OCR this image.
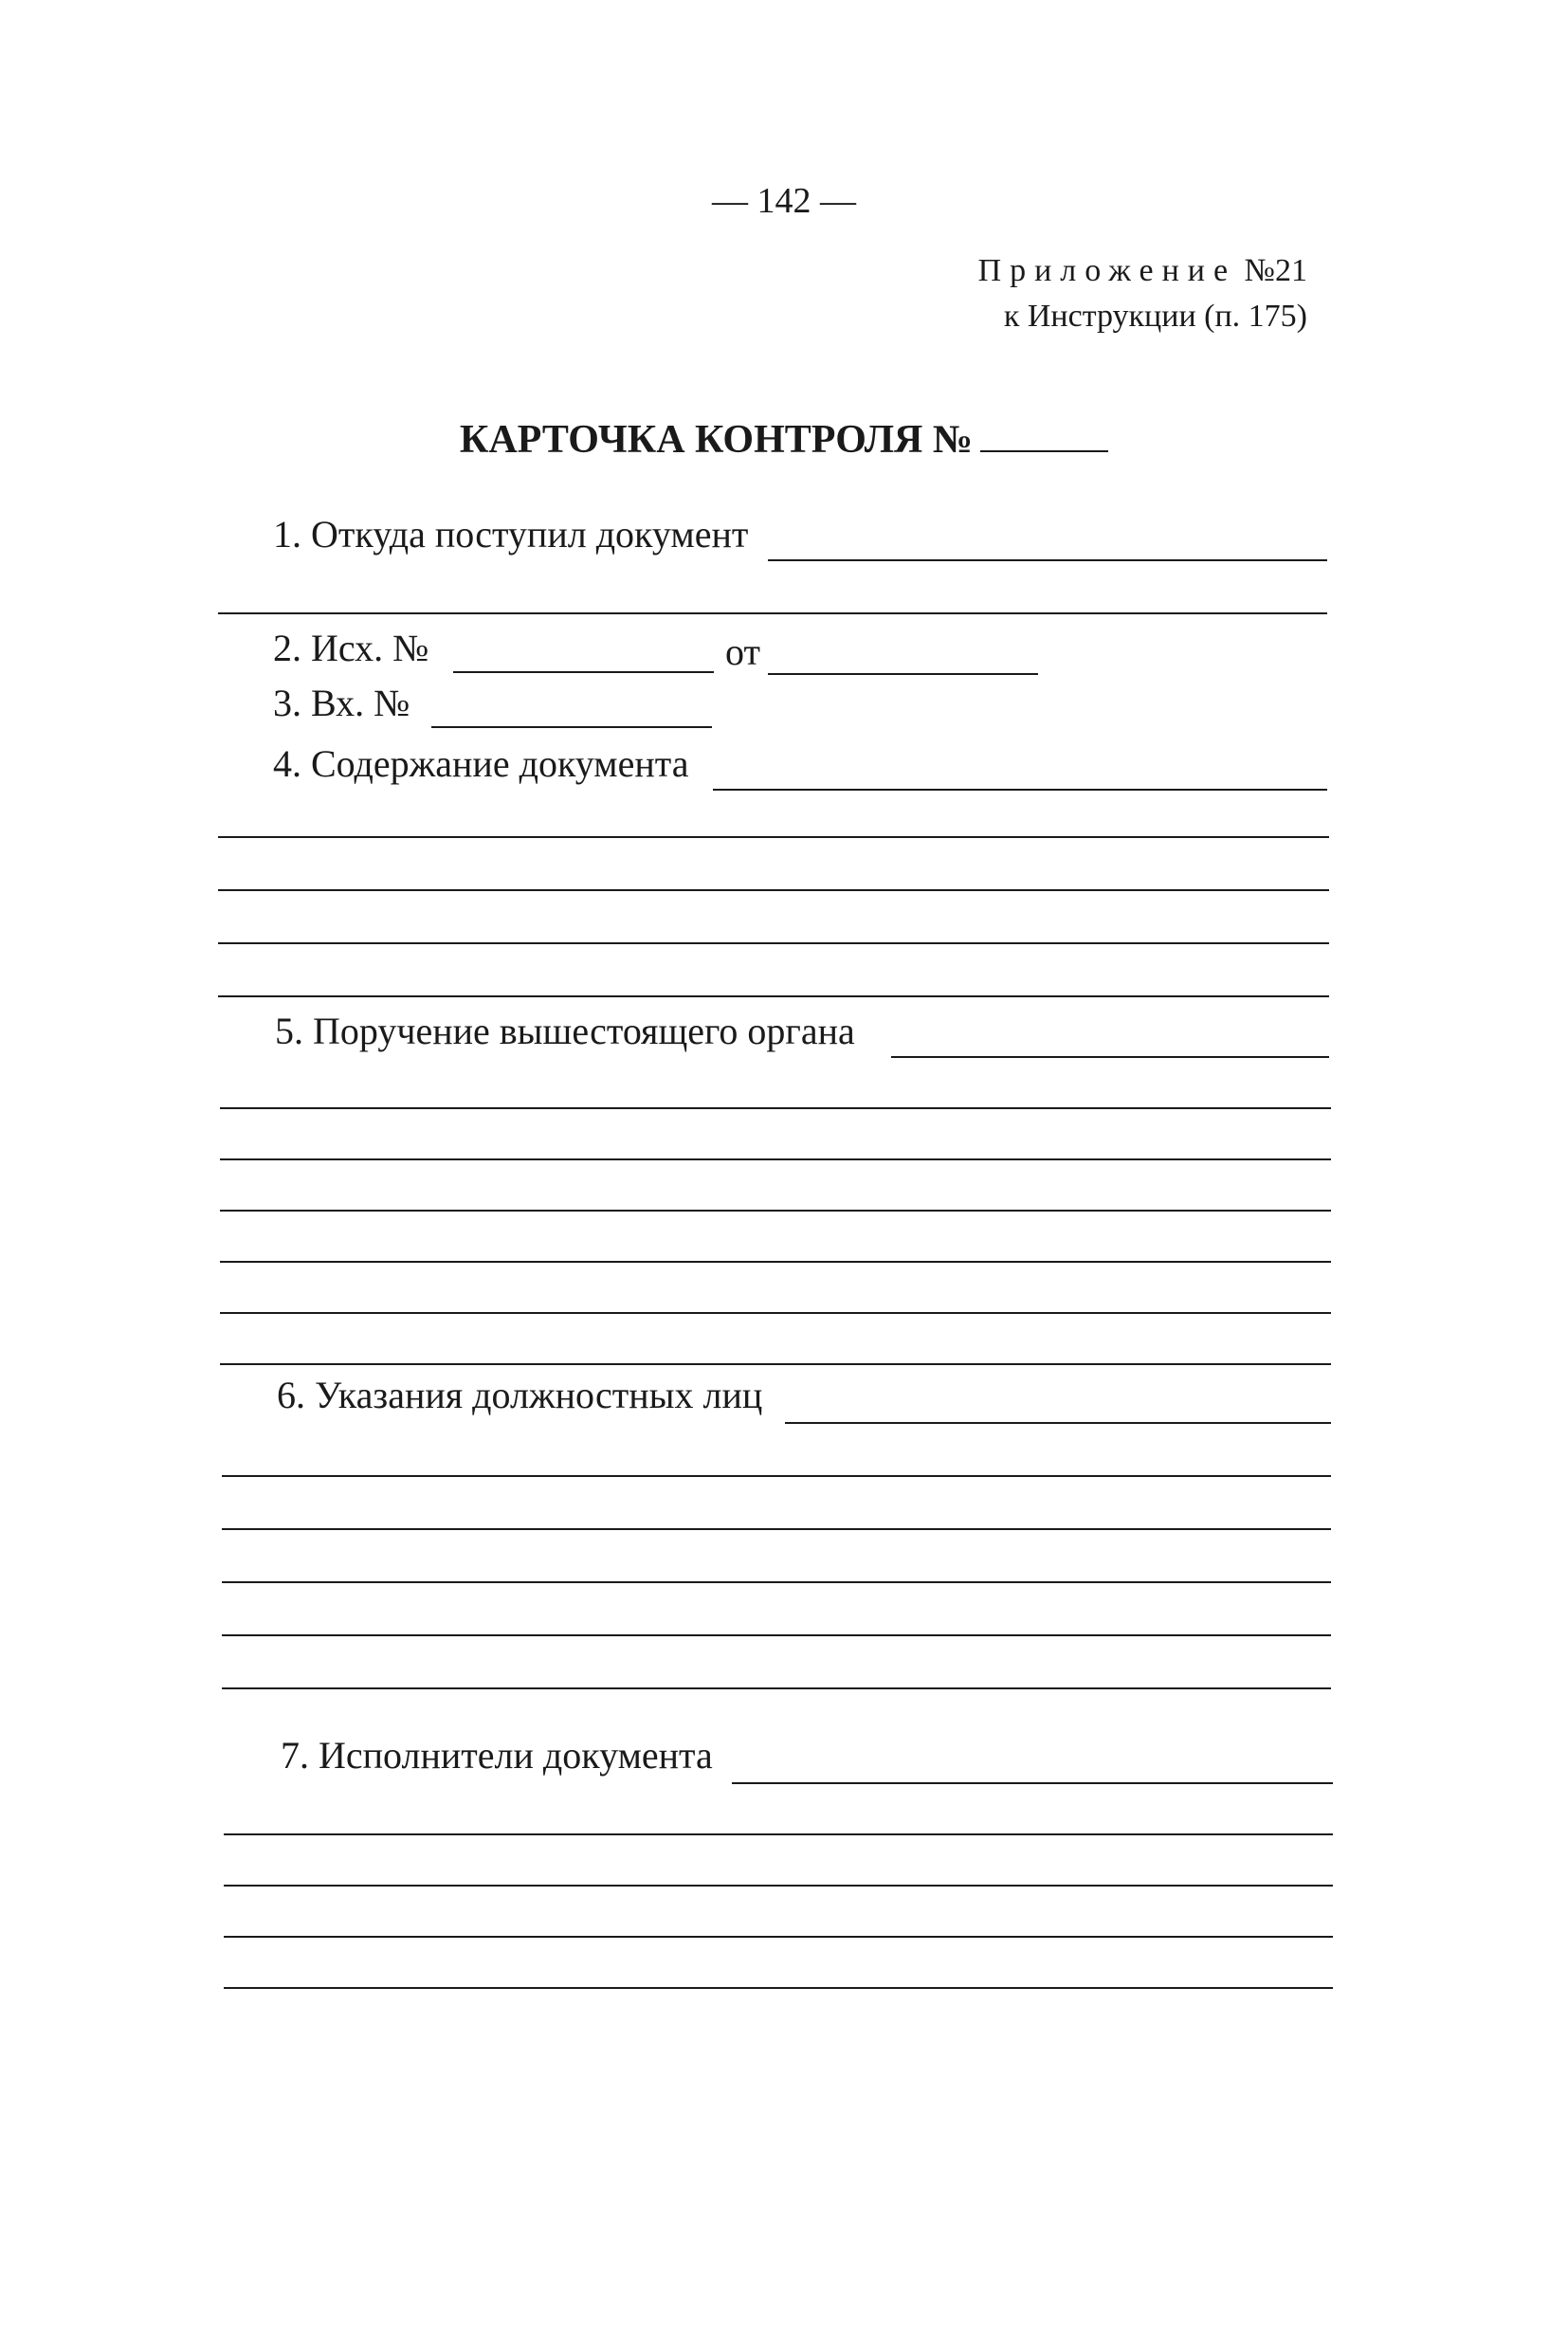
— 142 —
Приложение №21
к Инструкции (п. 175)
КАРТОЧКА КОНТРОЛЯ №
1. Откуда поступил документ
2. Исх. №	от
3. Вх. №
4. Содержание документа
5. Поручение вышестоящего органа
6. Указания должностных лиц
7. Исполнители документа
